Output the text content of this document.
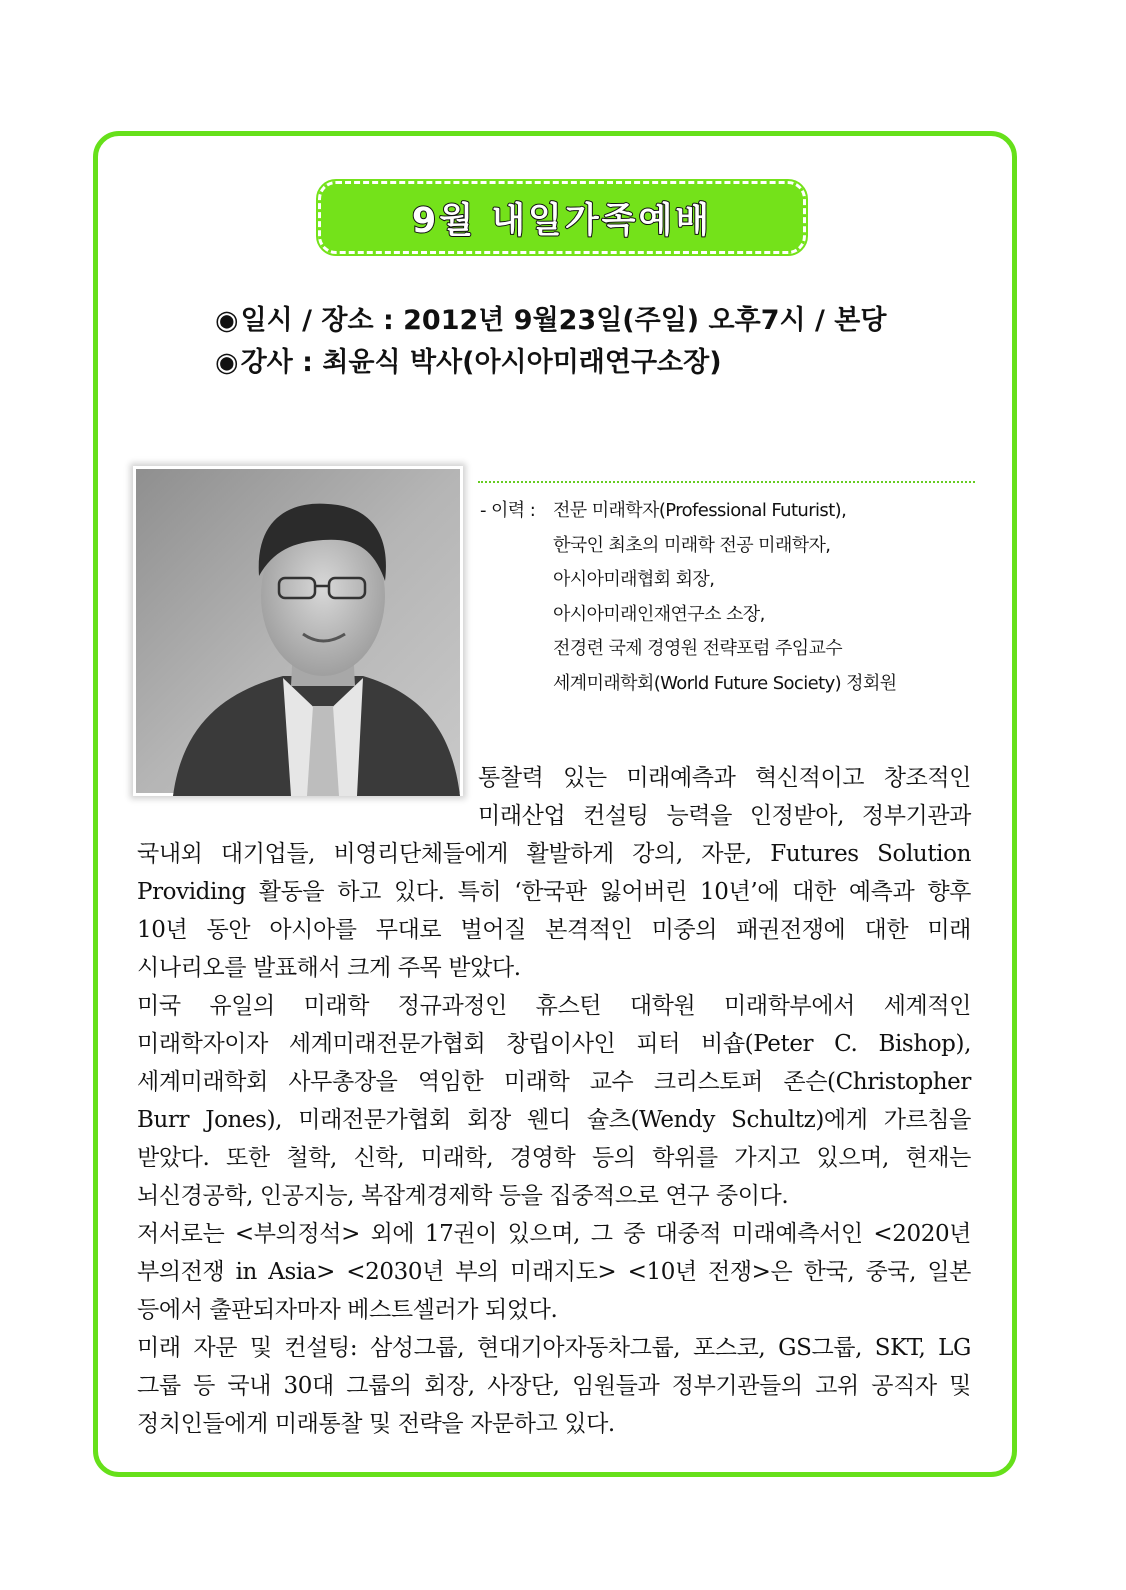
9월 내일가족예배
◉일시 / 장소 : 2012년 9월23일(주일) 오후7시 / 본당
◉강사 : 최윤식 박사(아시아미래연구소장)
- 이력 : 전문 미래학자(Professional Futurist),
한국인 최초의 미래학 전공 미래학자,
아시아미래협회 회장,
아시아미래인재연구소 소장,
전경련 국제 경영원 전략포럼 주임교수
세계미래학회(World Future Society) 정회원
통찰력 있는 미래예측과 혁신적이고 창조적인
미래산업 컨설팅 능력을 인정받아, 정부기관과
국내외 대기업들, 비영리단체들에게 활발하게 강의, 자문, Futures Solution
Providing 활동을 하고 있다. 특히 ‘한국판 잃어버린 10년’에 대한 예측과 향후
10년 동안 아시아를 무대로 벌어질 본격적인 미중의 패권전쟁에 대한 미래
시나리오를 발표해서 크게 주목 받았다.
미국 유일의 미래학 정규과정인 휴스턴 대학원 미래학부에서 세계적인
미래학자이자 세계미래전문가협회 창립이사인 피터 비숍(Peter C. Bishop),
세계미래학회 사무총장을 역임한 미래학 교수 크리스토퍼 존슨(Christopher
Burr Jones), 미래전문가협회 회장 웬디 슐츠(Wendy Schultz)에게 가르침을
받았다. 또한 철학, 신학, 미래학, 경영학 등의 학위를 가지고 있으며, 현재는
뇌신경공학, 인공지능, 복잡계경제학 등을 집중적으로 연구 중이다.
저서로는 <부의정석> 외에 17권이 있으며, 그 중 대중적 미래예측서인 <2020년
부의전쟁 in Asia> <2030년 부의 미래지도> <10년 전쟁>은 한국, 중국, 일본
등에서 출판되자마자 베스트셀러가 되었다.
미래 자문 및 컨설팅: 삼성그룹, 현대기아자동차그룹, 포스코, GS그룹, SKT, LG
그룹 등 국내 30대 그룹의 회장, 사장단, 임원들과 정부기관들의 고위 공직자 및
정치인들에게 미래통찰 및 전략을 자문하고 있다.
